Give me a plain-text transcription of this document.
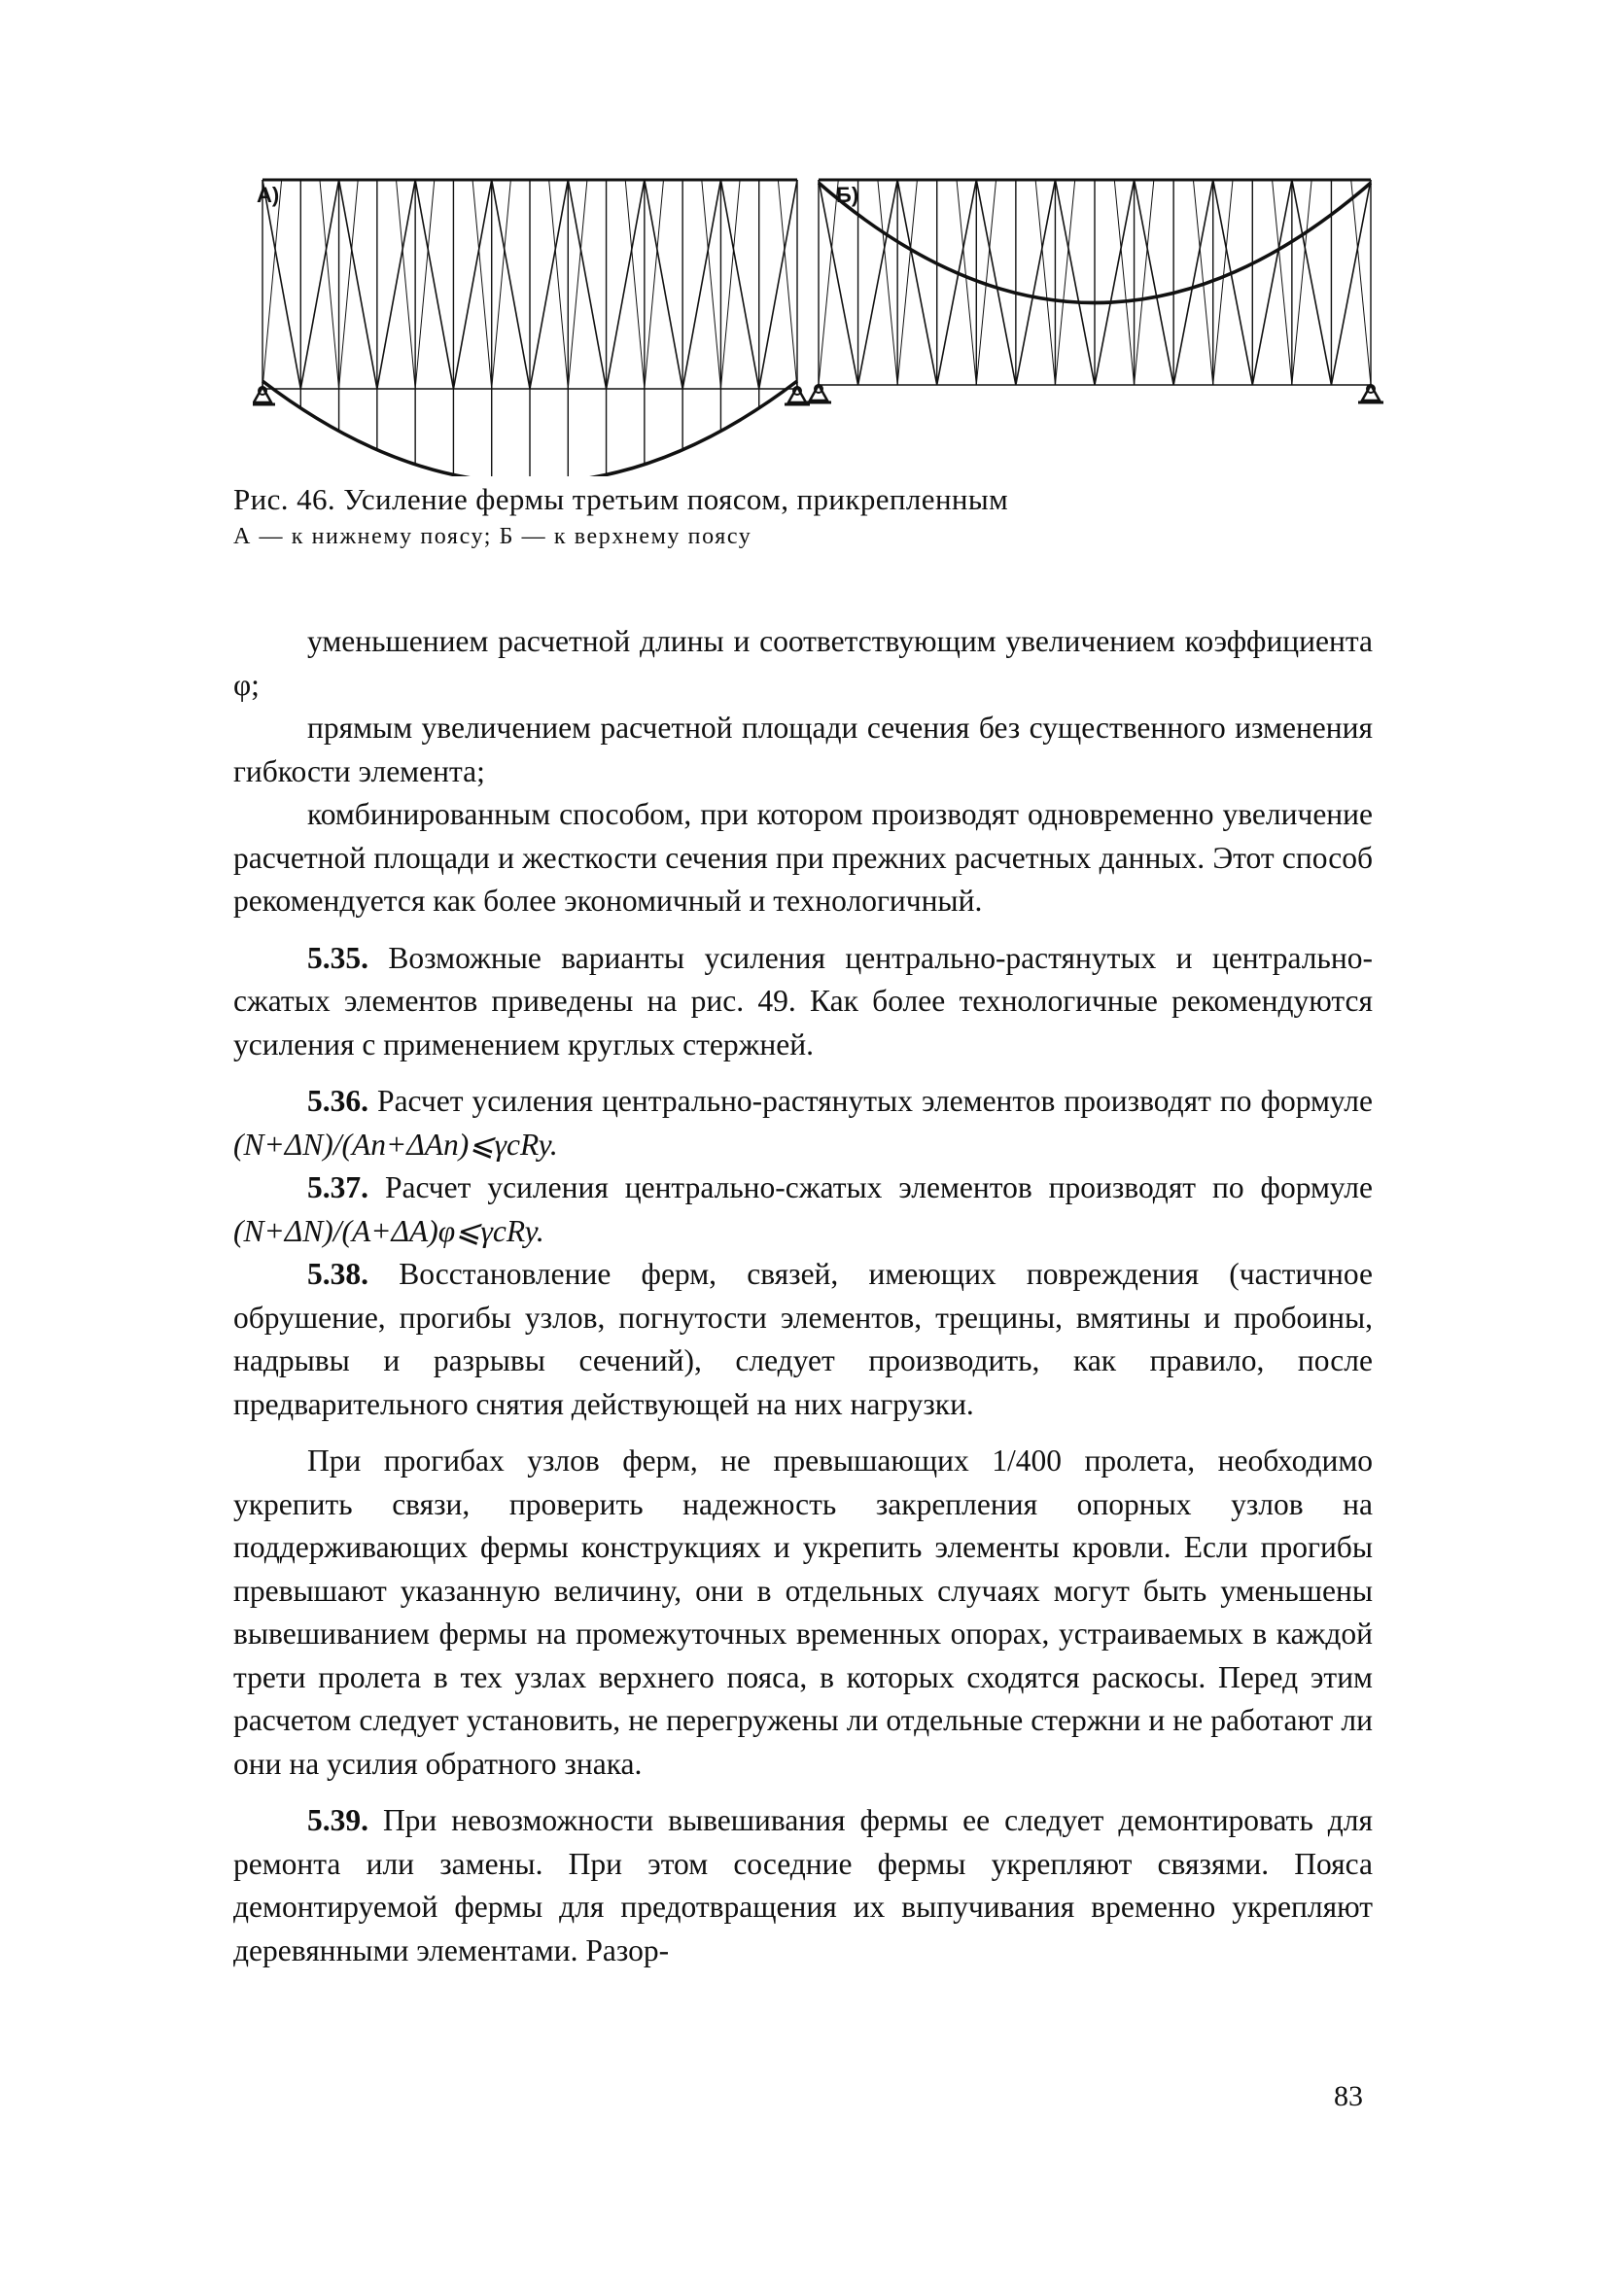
А)	Б)
Рис. 46. Усиление фермы третьим поясом, прикрепленным
А — к нижнему поясу; Б — к верхнему поясу

уменьшением расчетной длины и соответствующим увеличением коэффициента φ;

прямым увеличением расчетной площади сечения без существенного изменения гибкости элемента;

комбинированным способом, при котором производят одновременно увеличение расчетной площади и жесткости сечения при прежних расчетных данных. Этот способ рекомендуется как более экономичный и технологичный.

5.35. Возможные варианты усиления центрально-растянутых и центрально-сжатых элементов приведены на рис. 49. Как более технологичные рекомендуются усиления с применением круглых стержней.

5.36. Расчет усиления центрально-растянутых элементов производят по формуле (N+ΔN)/(An+ΔAn)⩽γcRy.

5.37. Расчет усиления центрально-сжатых элементов производят по формуле (N+ΔN)/(A+ΔA)φ⩽γcRy.

5.38. Восстановление ферм, связей, имеющих повреждения (частичное обрушение, прогибы узлов, погнутости элементов, трещины, вмятины и пробоины, надрывы и разрывы сечений), следует производить, как правило, после предварительного снятия действующей на них нагрузки.

При прогибах узлов ферм, не превышающих 1/400 пролета, необходимо укрепить связи, проверить надежность закрепления опорных узлов на поддерживающих фермы конструкциях и укрепить элементы кровли. Если прогибы превышают указанную величину, они в отдельных случаях могут быть уменьшены вывешиванием фермы на промежуточных временных опорах, устраиваемых в каждой трети пролета в тех узлах верхнего пояса, в которых сходятся раскосы. Перед этим расчетом следует установить, не перегружены ли отдельные стержни и не работают ли они на усилия обратного знака.

5.39. При невозможности вывешивания фермы ее следует демонтировать для ремонта или замены. При этом соседние фермы укрепляют связями. Пояса демонтируемой фермы для предотвращения их выпучивания временно укрепляют деревянными элементами. Разор-

83
